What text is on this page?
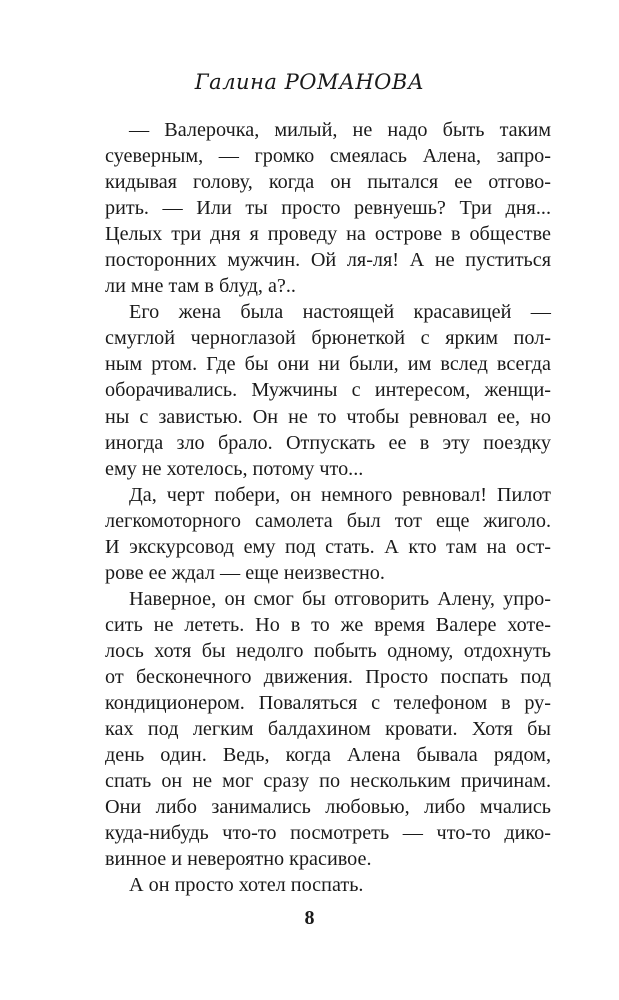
Галина РОМАНОВА
— Валерочка, милый, не надо быть таким
суеверным, — громко смеялась Алена, запро-
кидывая голову, когда он пытался ее отгово-
рить. — Или ты просто ревнуешь? Три дня...
Целых три дня я проведу на острове в обществе
посторонних мужчин. Ой ля-ля! А не пуститься
ли мне там в блуд, а?..
Его жена была настоящей красавицей —
смуглой черноглазой брюнеткой с ярким пол-
ным ртом. Где бы они ни были, им вслед всегда
оборачивались. Мужчины с интересом, женщи-
ны с завистью. Он не то чтобы ревновал ее, но
иногда зло брало. Отпускать ее в эту поездку
ему не хотелось, потому что...
Да, черт побери, он немного ревновал! Пилот
легкомоторного самолета был тот еще жиголо.
И экскурсовод ему под стать. А кто там на ост-
рове ее ждал — еще неизвестно.
Наверное, он смог бы отговорить Алену, упро-
сить не лететь. Но в то же время Валере хоте-
лось хотя бы недолго побыть одному, отдохнуть
от бесконечного движения. Просто поспать под
кондиционером. Поваляться с телефоном в ру-
ках под легким балдахином кровати. Хотя бы
день один. Ведь, когда Алена бывала рядом,
спать он не мог сразу по нескольким причинам.
Они либо занимались любовью, либо мчались
куда-нибудь что-то посмотреть — что-то дико-
винное и невероятно красивое.
А он просто хотел поспать.
8
